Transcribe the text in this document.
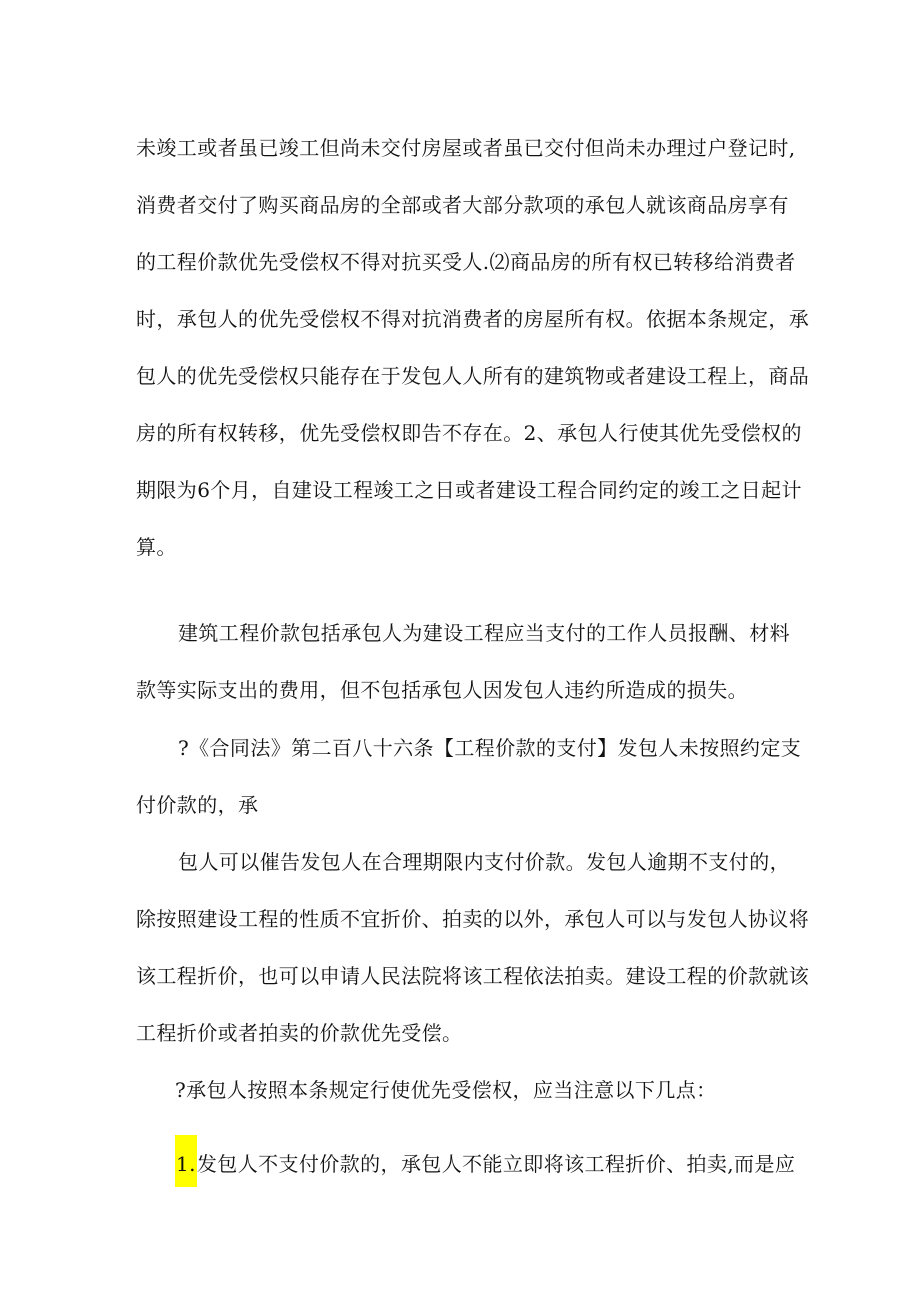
未竣工或者虽已竣工但尚未交付房屋或者虽已交付但尚未办理过户登记时,
消费者交付了购买商品房的全部或者大部分款项的承包人就该商品房享有
的工程价款优先受偿权不得对抗买受人.⑵商品房的所有权已转移给消费者
时，承包人的优先受偿权不得对抗消费者的房屋所有权。依据本条规定，承
包人的优先受偿权只能存在于发包人人所有的建筑物或者建设工程上，商品
房的所有权转移，优先受偿权即告不存在。2、承包人行使其优先受偿权的
期限为6个月，自建设工程竣工之日或者建设工程合同约定的竣工之日起计
算。
建筑工程价款包括承包人为建设工程应当支付的工作人员报酬、材料
款等实际支出的费用，但不包括承包人因发包人违约所造成的损失。
?《合同法》第二百八十六条【工程价款的支付】发包人未按照约定支
付价款的，承
包人可以催告发包人在合理期限内支付价款。发包人逾期不支付的，
除按照建设工程的性质不宜折价、拍卖的以外，承包人可以与发包人协议将
该工程折价，也可以申请人民法院将该工程依法拍卖。建设工程的价款就该
工程折价或者拍卖的价款优先受偿。
?承包人按照本条规定行使优先受偿权，应当注意以下几点：
1.发包人不支付价款的，承包人不能立即将该工程折价、拍卖,而是应
